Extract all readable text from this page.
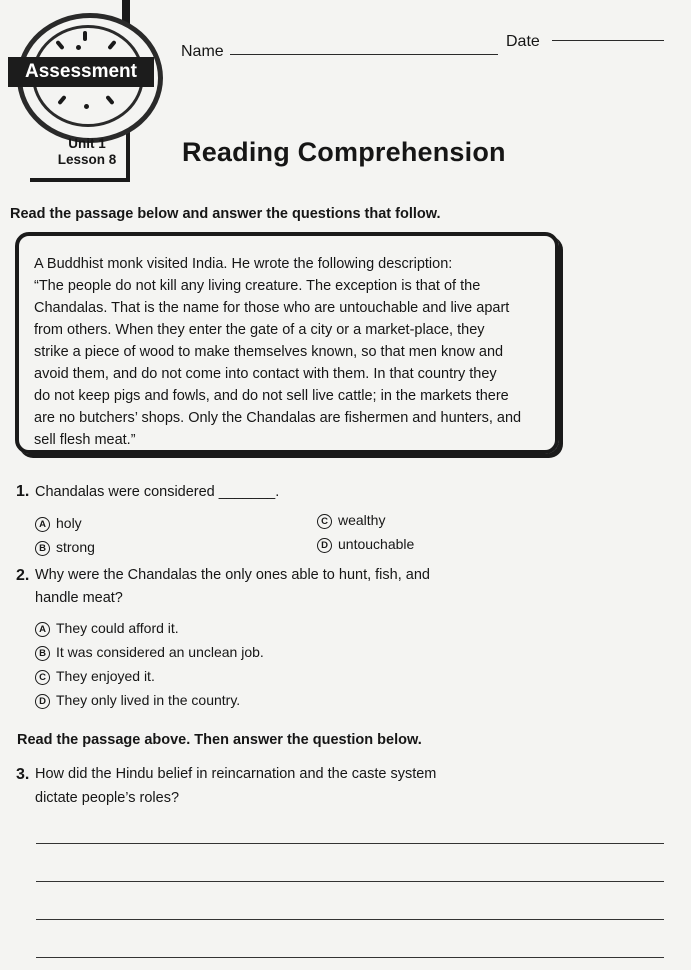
Assessment
Unit 1
Lesson 8
Name
Date
Reading Comprehension
Read the passage below and answer the questions that follow.
A Buddhist monk visited India. He wrote the following description:
“The people do not kill any living creature. The exception is that of the
Chandalas. That is the name for those who are untouchable and live apart
from others. When they enter the gate of a city or a market-place, they
strike a piece of wood to make themselves known, so that men know and
avoid them, and do not come into contact with them. In that country they
do not keep pigs and fowls, and do not sell live cattle; in the markets there
are no butchers’ shops. Only the Chandalas are fishermen and hunters, and
sell flesh meat.”
1. Chandalas were considered _______.
A holy
B strong
C wealthy
D untouchable
2. Why were the Chandalas the only ones able to hunt, fish, and
handle meat?
A They could afford it.
B It was considered an unclean job.
C They enjoyed it.
D They only lived in the country.
Read the passage above. Then answer the question below.
3. How did the Hindu belief in reincarnation and the caste system
dictate people’s roles?
